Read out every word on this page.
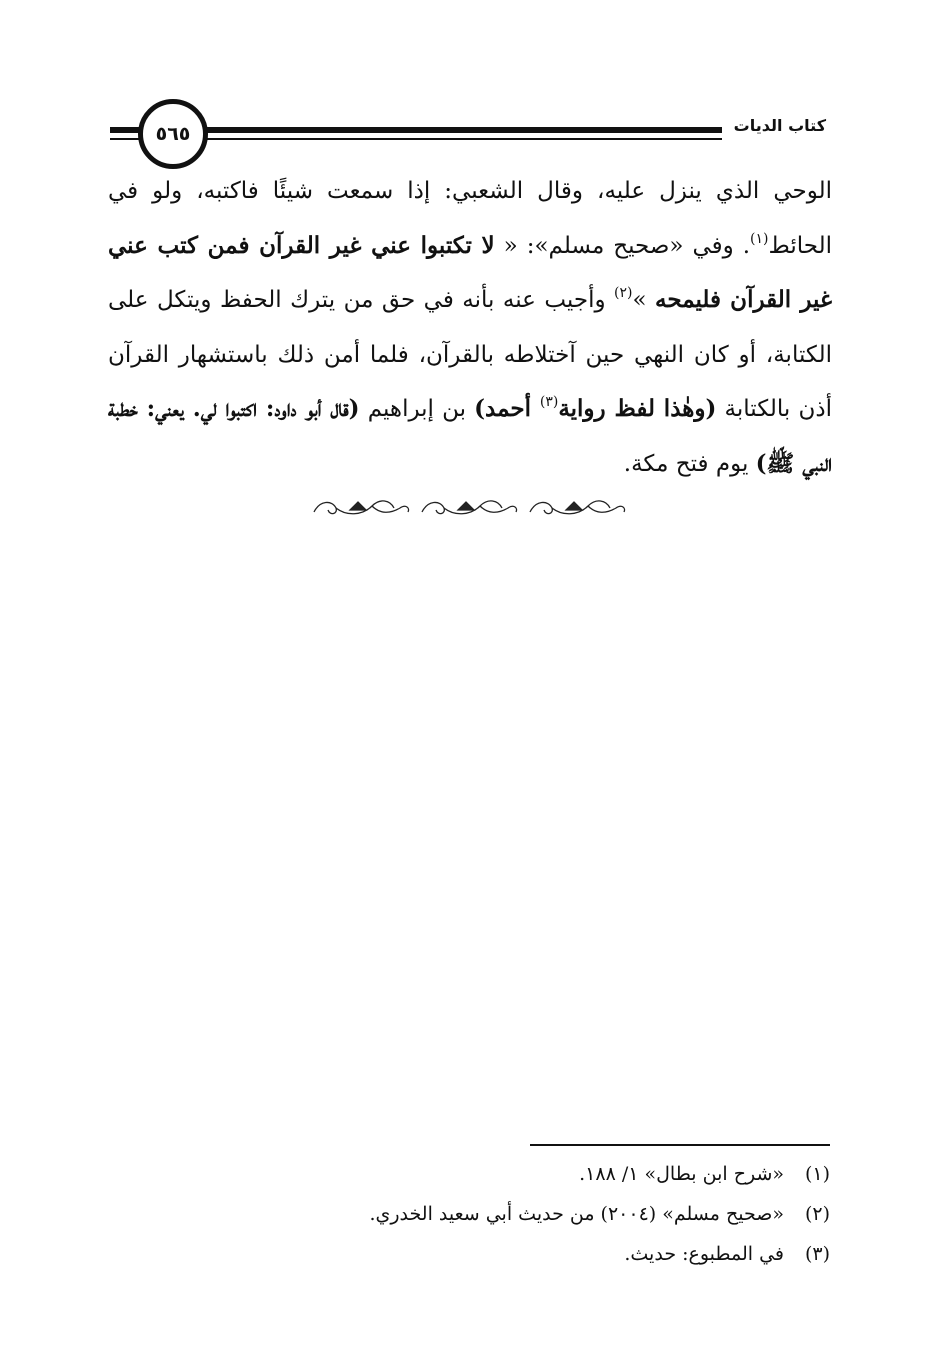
كتاب الديات
٥٦٥

الوحي الذي ينزل عليه، وقال الشعبي: إذا سمعت شيئًا فاكتبه، ولو في الحائط$^{(١)}$. وفي «صحيح مسلم»: « لا تكتبوا عني غير القرآن فمن كتب عني غير القرآن فليمحه »$^{(٢)}$ وأجيب عنه بأنه في حق من يترك الحفظ ويتكل على الكتابة، أو كان النهي حين آختلاطه بالقرآن، فلما أمن ذلك باستشهار القرآن أذن بالكتابة (وهٰذا لفظ رواية$^{(٣)}$ أحمد) بن إبراهيم (قال أبو داود: اكتبوا لي. يعني: خطبة النبي ﷺ) يوم فتح مكة.

(١)
«شرح ابن بطال» ١/ ١٨٨.
(٢)
«صحيح مسلم» (٢٠٠٤) من حديث أبي سعيد الخدري.
(٣)
في المطبوع: حديث.
